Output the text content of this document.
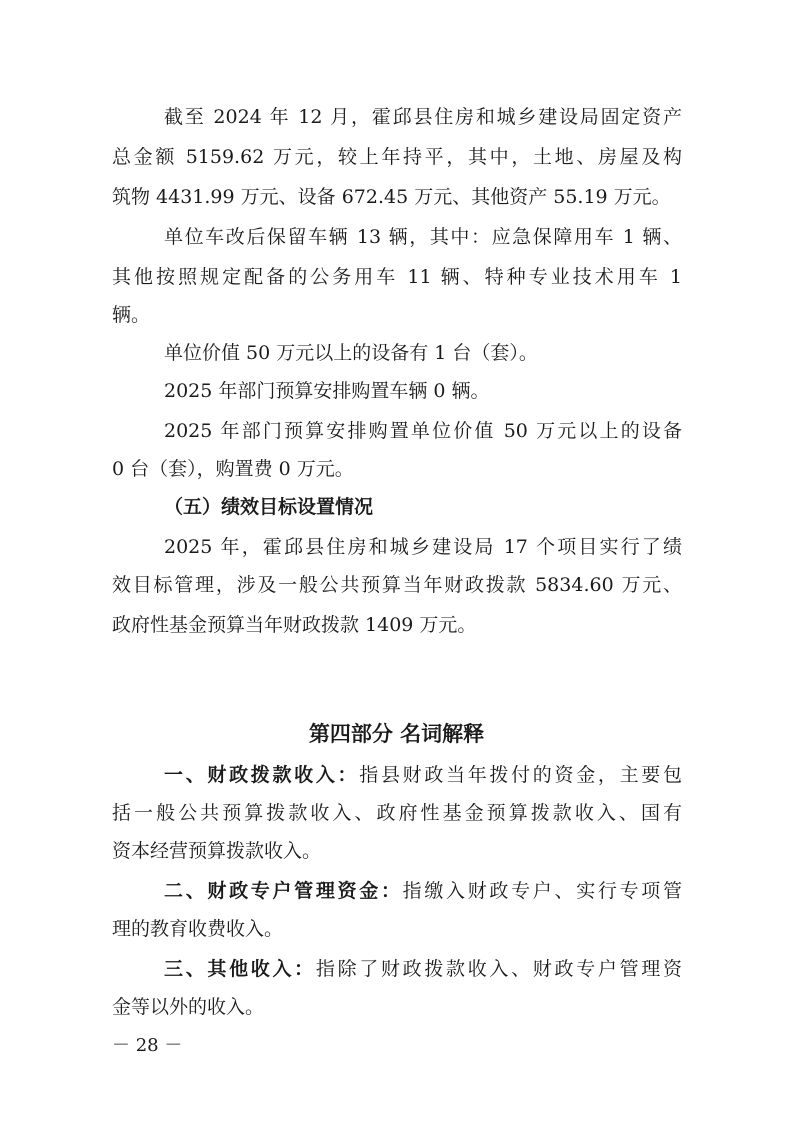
截至 2024 年 12 月，霍邱县住房和城乡建设局固定资产
总金额 5159.62 万元，较上年持平，其中，土地、房屋及构
筑物 4431.99 万元、设备 672.45 万元、其他资产 55.19 万元。
单位车改后保留车辆 13 辆，其中：应急保障用车 1 辆、
其他按照规定配备的公务用车 11 辆、特种专业技术用车 1
辆。
单位价值 50 万元以上的设备有 1 台（套）。
2025 年部门预算安排购置车辆 0 辆。
2025 年部门预算安排购置单位价值 50 万元以上的设备
0 台（套），购置费 0 万元。
（五）绩效目标设置情况
2025 年，霍邱县住房和城乡建设局 17 个项目实行了绩
效目标管理，涉及一般公共预算当年财政拨款 5834.60 万元、
政府性基金预算当年财政拨款 1409 万元。
第四部分 名词解释
一、财政拨款收入：指县财政当年拨付的资金，主要包
括一般公共预算拨款收入、政府性基金预算拨款收入、国有
资本经营预算拨款收入。
二、财政专户管理资金：指缴入财政专户、实行专项管
理的教育收费收入。
三、其他收入：指除了财政拨款收入、财政专户管理资
金等以外的收入。
－ 28 －
